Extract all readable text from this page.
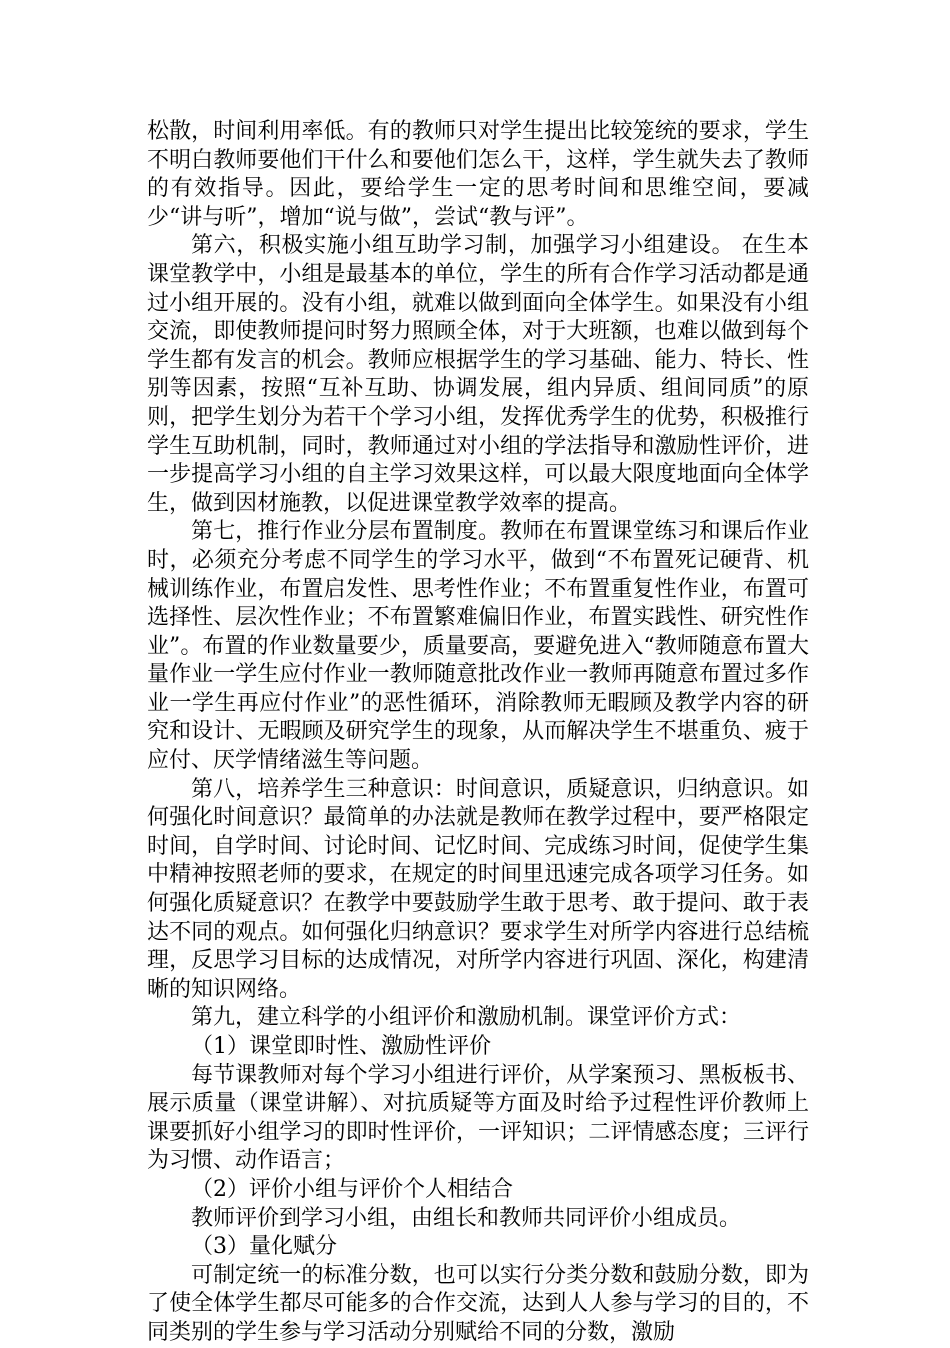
松散，时间利用率低。有的教师只对学生提出比较笼统的要求，学生不明白教师要他们干什么和要他们怎么干，这样，学生就失去了教师的有效指导。因此，要给学生一定的思考时间和思维空间，要减少“讲与听”，增加“说与做”，尝试“教与评”。

第六，积极实施小组互助学习制，加强学习小组建设。 在生本课堂教学中，小组是最基本的单位，学生的所有合作学习活动都是通过小组开展的。没有小组，就难以做到面向全体学生。如果没有小组交流，即使教师提问时努力照顾全体，对于大班额，也难以做到每个学生都有发言的机会。教师应根据学生的学习基础、能力、特长、性别等因素，按照“互补互助、协调发展，组内异质、组间同质”的原则，把学生划分为若干个学习小组，发挥优秀学生的优势，积极推行学生互助机制，同时，教师通过对小组的学法指导和激励性评价，进一步提高学习小组的自主学习效果这样，可以最大限度地面向全体学生，做到因材施教，以促进课堂教学效率的提高。

第七，推行作业分层布置制度。教师在布置课堂练习和课后作业时，必须充分考虑不同学生的学习水平，做到“不布置死记硬背、机械训练作业，布置启发性、思考性作业；不布置重复性作业，布置可选择性、层次性作业；不布置繁难偏旧作业，布置实践性、研究性作业”。布置的作业数量要少，质量要高，要避免进入“教师随意布置大量作业一学生应付作业一教师随意批改作业一教师再随意布置过多作业一学生再应付作业”的恶性循环，消除教师无暇顾及教学内容的研究和设计、无暇顾及研究学生的现象，从而解决学生不堪重负、疲于应付、厌学情绪滋生等问题。

第八，培养学生三种意识：时间意识，质疑意识，归纳意识。如何强化时间意识？最简单的办法就是教师在教学过程中，要严格限定时间，自学时间、讨论时间、记忆时间、完成练习时间，促使学生集中精神按照老师的要求，在规定的时间里迅速完成各项学习任务。如何强化质疑意识？在教学中要鼓励学生敢于思考、敢于提问、敢于表达不同的观点。如何强化归纳意识？要求学生对所学内容进行总结梳理，反思学习目标的达成情况，对所学内容进行巩固、深化，构建清晰的知识网络。

第九，建立科学的小组评价和激励机制。课堂评价方式：

（1）课堂即时性、激励性评价

每节课教师对每个学习小组进行评价，从学案预习、黑板板书、展示质量（课堂讲解）、对抗质疑等方面及时给予过程性评价教师上课要抓好小组学习的即时性评价，一评知识；二评情感态度；三评行为习惯、动作语言；

（2）评价小组与评价个人相结合

教师评价到学习小组，由组长和教师共同评价小组成员。

（3）量化赋分

可制定统一的标准分数，也可以实行分类分数和鼓励分数，即为了使全体学生都尽可能多的合作交流，达到人人参与学习的目的，不同类别的学生参与学习活动分别赋给不同的分数，激励
